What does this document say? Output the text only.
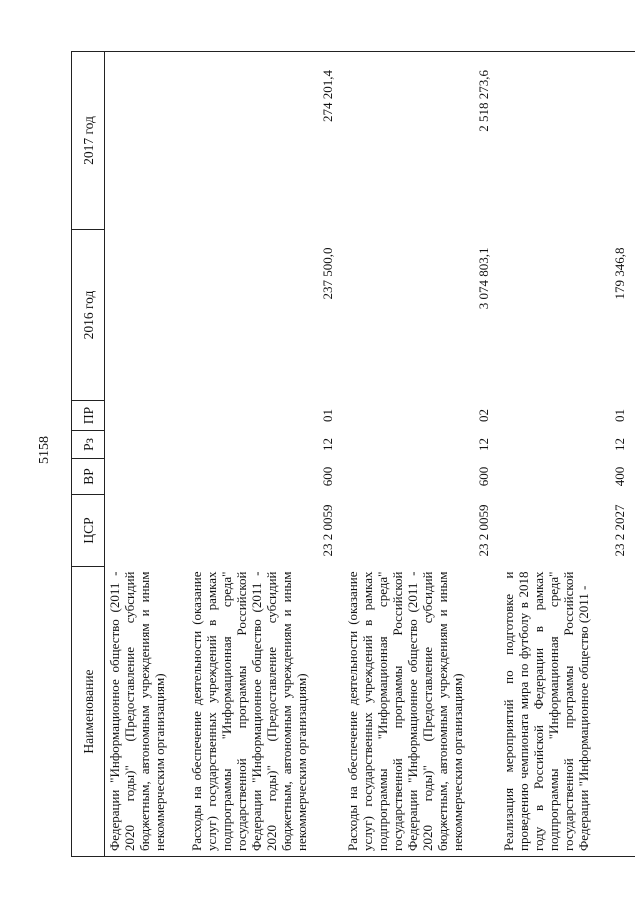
5158
Наименование	ЦСР	ВР	Рз	ПР	2016 год	2017 год
Федерации "Информационное общество (2011 - 2020 годы)" (Предоставление субсидий бюджетным, автономным учреждениям и иным некоммерческим организациям)						
Расходы на обеспечение деятельности (оказание услуг) государственных учреждений в рамках подпрограммы "Информационная среда" государственной программы Российской Федерации "Информационное общество (2011 - 2020 годы)" (Предоставление субсидий бюджетным, автономным учреждениям и иным некоммерческим организациям)	23 2 0059	600	12	01	237 500,0	274 201,4
Расходы на обеспечение деятельности (оказание услуг) государственных учреждений в рамках подпрограммы "Информационная среда" государственной программы Российской Федерации "Информационное общество (2011 - 2020 годы)" (Предоставление субсидий бюджетным, автономным учреждениям и иным некоммерческим организациям)	23 2 0059	600	12	02	3 074 803,1	2 518 273,6
Реализация мероприятий по подготовке и проведению чемпионата мира по футболу в 2018 году в Российской Федерации в рамках подпрограммы "Информационная среда" государственной программы Российской Федерации "Информационное общество (2011 -	23 2 2027	400	12	01	179 346,8	
